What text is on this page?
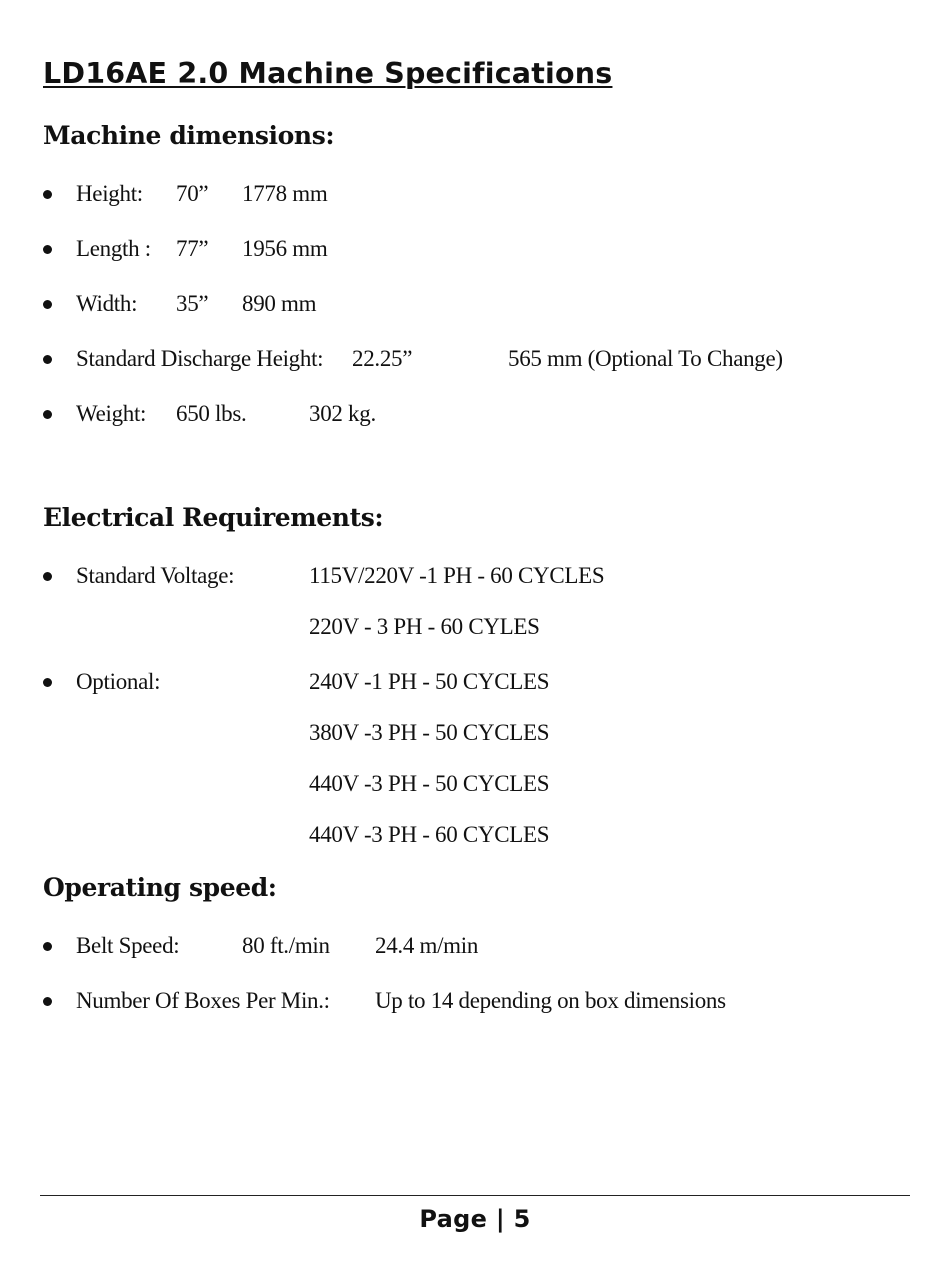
LD16AE 2.0 Machine Specifications
Machine dimensions:
Height: 70” 1778 mm
Length : 77” 1956 mm
Width: 35” 890 mm
Standard Discharge Height: 22.25”	565 mm (Optional To Change)
Weight: 650 lbs.	302 kg.
Electrical Requirements:
Standard Voltage:	115V/220V -1 PH - 60 CYCLES
220V - 3 PH - 60 CYLES
Optional:	240V -1 PH - 50 CYCLES
380V -3 PH - 50 CYCLES
440V -3 PH - 50 CYCLES
440V -3 PH - 60 CYCLES
Operating speed:
Belt Speed:	80 ft./min 24.4 m/min
Number Of Boxes Per Min.: Up to 14 depending on box dimensions
Page | 5
